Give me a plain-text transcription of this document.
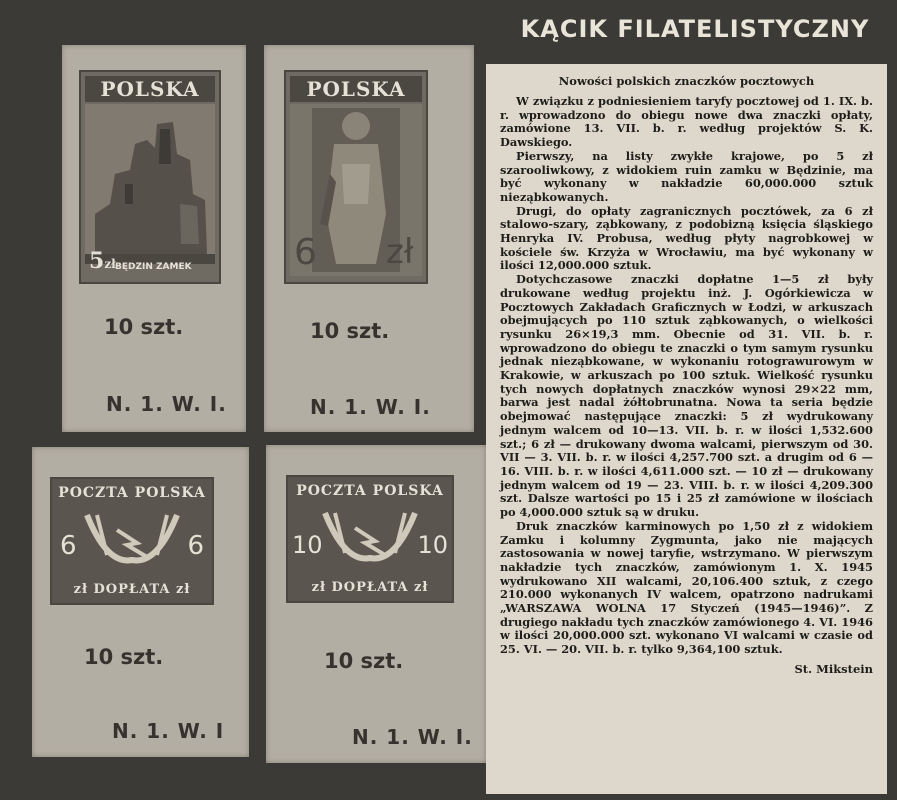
KĄCIK FILATELISTYCZNY
POLSKA
5zł BĘDZIN ZAMEK
10 szt.
N. 1. W. I.
POLSKA
6 zł
10 szt.
N. 1. W. I.
POCZTA POLSKA
6	6
zł DOPŁATA zł
10 szt.
N. 1. W. I
POCZTA POLSKA
10	10
zł DOPŁATA zł
10 szt.
N. 1. W. I.
Nowości polskich znaczków pocztowych

W związku z podniesieniem taryfy pocztowej od 1. IX. b. r. wprowadzono do obiegu nowe dwa znaczki opłaty, zamówione 13. VII. b. r. według projektów S. K. Dawskiego.

Pierwszy, na listy zwykłe krajowe, po 5 zł szarooliwkowy, z widokiem ruin zamku w Będzinie, ma być wykonany w nakładzie 60,000.000 sztuk nieząbkowanych.

Drugi, do opłaty zagranicznych pocztówek, za 6 zł stalowo-szary, ząbkowany, z podobizną księcia śląskiego Henryka IV. Probusa, według płyty nagrobkowej w kościele św. Krzyża w Wrocławiu, ma być wykonany w ilości 12,000.000 sztuk.

Dotychczasowe znaczki dopłatne 1—5 zł były drukowane według projektu inż. J. Ogórkiewicza w Pocztowych Zakładach Graficznych w Łodzi, w arkuszach obejmujących po 110 sztuk ząbkowanych, o wielkości rysunku 26×19,3 mm. Obecnie od 31. VII. b. r. wprowadzono do obiegu te znaczki o tym samym rysunku jednak nieząbkowane, w wykonaniu rotograwurowym w Krakowie, w arkuszach po 100 sztuk. Wielkość rysunku tych nowych dopłatnych znaczków wynosi 29×22 mm, barwa jest nadal żółtobrunatna. Nowa ta seria będzie obejmować następujące znaczki: 5 zł wydrukowany jednym walcem od 10—13. VII. b. r. w ilości 1,532.600 szt.; 6 zł — drukowany dwoma walcami, pierwszym od 30. VII — 3. VII. b. r. w ilości 4,257.700 szt. a drugim od 6 — 16. VIII. b. r. w ilości 4,611.000 szt. — 10 zł — drukowany jednym walcem od 19 — 23. VIII. b. r. w ilości 4,209.300 szt. Dalsze wartości po 15 i 25 zł zamówione w ilościach po 4,000.000 sztuk są w druku.

Druk znaczków karminowych po 1,50 zł z widokiem Zamku i kolumny Zygmunta, jako nie mających zastosowania w nowej taryfie, wstrzymano. W pierwszym nakładzie tych znaczków, zamówionym 1. X. 1945 wydrukowano XII walcami, 20,106.400 sztuk, z czego 210.000 wykonanych IV walcem, opatrzono nadrukami „WARSZAWA WOLNA 17 Styczeń (1945—1946)”. Z drugiego nakładu tych znaczków zamówionego 4. VI. 1946 w ilości 20,000.000 szt. wykonano VI walcami w czasie od 25. VI. — 20. VII. b. r. tylko 9,364,100 sztuk.

St. Mikstein
